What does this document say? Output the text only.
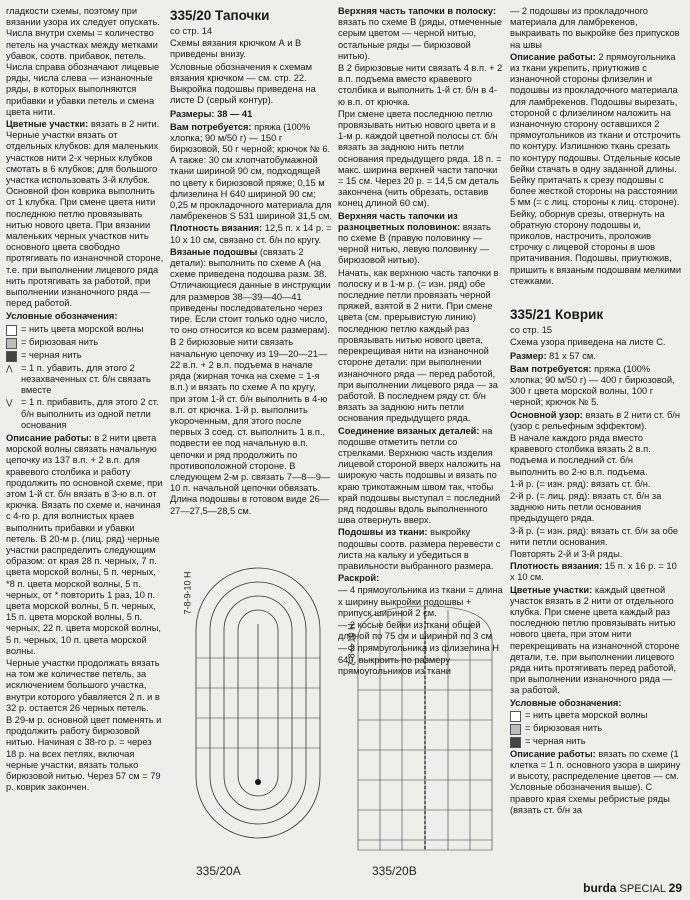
гладкости схемы, поэтому при вязании узора их следует опускать. Числа внутри схемы = количество петель на участках между метками убавок, соотв. прибавок, петель. Числа справа обозначают лицевые ряды, числа слева — изнаночные ряды, в которых выполняются прибавки и убавки петель и смена цвета нити.

Цветные участки: вязать в 2 нити. Черные участки вязать от отдельных клубков: для маленьких участков нити 2-х черных клубков смотать в 6 клубков; для большого участка использовать 3-й клубок. Основной фон коврика выполнить от 1 клубка. При смене цвета нити последнюю петлю провязывать нитью нового цвета. При вязании маленьких черных участков нить основного цвета свободно протягивать по изнаночной стороне, т.е. при выполнении лицевого ряда нить протягивать за работой, при выполнении изнаночного ряда — перед работой.

Условные обозначения:

= нить цвета морской волны
= бирюзовая нить
= черная нить
⋀ = 1 п. убавить, для этого 2 незахваченных ст. б/н связать вместе
⋁ = 1 п. прибавить, для этого 2 ст. б/н выполнить из одной петли основания

Описание работы: в 2 нити цвета морской волны связать начальную цепочку из 137 в.п. + 2 в.п. для кравевого столбика и работу продолжить по основной схеме, при этом 1-й ст. б/н вязать в 3-ю в.п. от крючка. Вязать по схеме и, начиная с 4-го р. для волнистых краев выполнить прибавки и убавки петель. В 20-м р. (лиц. ряд) черные участки распределить следующим образом: от края 28 п. черных, 7 п. цвета морской волны, 5 п. черных, *8 п. цвета морской волны, 5 п. черных, от * повторить 1 раз, 10 п. цвета морской волны, 5 п. черных, 15 п. цвета морской волны, 5 п. черных, 22 п. цвета морской волны, 5 п. черных, 10 п. цвета морской волны.

Черные участки продолжать вязать на том же количестве петель, за исключением большого участка, внутри которого убавляется 2 п. и в 32 р. остается 26 черных петель.

В 29-м р. основной цвет поменять и продолжить работу бирюзовой нитью. Начиная с 38-го р. = через 18 р. на всех петлях, включая черные участки, вязать только бирюзовой нитью. Через 57 см = 79 р. коврик закончен.

335/20 Тапочки

со стр. 14

Схемы вязания крючком А и В приведены внизу.

Условные обозначения к схемам вязания крючком — см. стр. 22. Выкройка подошвы приведена на листе D (серый контур).

Размеры: 38 — 41

Вам потребуется: пряжа (100% хлопка; 90 м/50 г) — 150 г бирюзовой, 50 г черной; крючок № 6. А также: 30 см хлопчатобумажной ткани шириной 90 см, подходящей по цвету к бирюзовой пряже; 0,15 м флизелина Н 640 шириной 90 см; 0,25 м прокладочного материала для ламбрекенов S 531 шириной 31,5 см.

Плотность вязания: 12,5 п. х 14 р. = 10 х 10 см, связано ст. б/н по кругу.

Вязаные подошвы (связать 2 детали): выполнить по схеме А (на схеме приведена подошва разм. 38. Отличающиеся данные в инструкции для размеров 38—39—40—41 приведены последовательно через тире. Если стоит только одно число, то оно относится ко всем размерам).

В 2 бирюзовые нити связать начальную цепочку из 19—20—21—22 в.п. + 2 в.п. подъема в начале ряда (жирная точка на схеме = 1-я в.п.) и вязать по схеме А по кругу, при этом 1-й ст. б/н выполнить в 4-ю в.п. от крючка. 1-й р. выполнить укороченным, для этого после первых 3 соед. ст. выполнить 1 в.п., подвести ее под начальную в.п. цепочки и ряд продолжить по противоположной стороне. В следующем 2-м р. связать 7—8—9—10 п. начальной цепочки обвязать. Длина подошвы в готовом виде 26—27—27,5—28,5 см.

Верхняя часть тапочки в полоску: вязать по схеме В (ряды, отмеченные серым цветом — черной нитью, остальные ряды — бирюзовой нитью).

В 2 бирюзовые нити связать 4 в.п. + 2 в.п. подъема вместо кравевого столбика и выполнить 1-й ст. б/н в 4-ю в.п. от крючка.

При смене цвета последнюю петлю провязывать нитью нового цвета и в 1-м р. каждой цветной полосы ст. б/н вязать за заднюю нить петли основания предыдущего ряда. 18 п. = макс. ширина верхней части тапочки = 15 см. Через 20 р. = 14,5 см деталь закончена (нить обрезать, оставив конец длиной 60 см).

Верхняя часть тапочки из разноцветных половинок: вязать по схеме В (правую половинку — черной нитью, левую половинку — бирюзовой нитью).

Начать, как верхнюю часть тапочки в полоску и в 1-м р. (= изн. ряд) обе последние петли провязать черной пряжей, взятой в 2 нити. При смене цвета (см. прерывистую линию) последнюю петлю каждый раз провязывать нитью нового цвета, перекрещивая нити на изнаночной стороне детали: при выполнении изнаночного ряда — перед работой, при выполнении лицевого ряда — за работой. В последнем ряду ст. б/н вязать за заднюю нить петли основания предыдущего ряда.

Соединение вязаных деталей: на подошве отметить петли со стрелками. Верхнюю часть изделия лицевой стороной вверх наложить на широкую часть подошвы и вязать по краю трикотажным швом так, чтобы край подошвы выступал = последний ряд подошвы вдоль выполненного шва отвернуть вверх.

Подошвы из ткани: выкройку подошвы соотв. размера перевести с листа на кальку и убедиться в правильности выбранного размера.

Раскрой:

— 4 прямоугольника из ткани = длина х ширину выкройки подошвы + припуск шириной 2 см.

— 2 косые бейки из ткани общей длиной по 75 см и шириной по 3 см

— 2 прямоугольника из флизелина Н 640, выкроить по размеру прямоугольников из ткани

— 2 подошвы из прокладочного материала для ламбрекенов, выкраивать по выкройке без припусков на швы

Описание работы: 2 прямоугольника из ткани укрепить, приутюжив с изнаночной стороны флизелин и подошвы из прокладочного материала для ламбрекенов. Подошвы вырезать, стороной с флизелином наложить на изнаночную сторону оставшихся 2 прямоугольников из ткани и отстрочить по контуру. Излишнюю ткань срезать по контуру подошвы. Отдельные косые бейки стачать в одну заданной длины. Бейку притачать к срезу подошвы с более жесткой стороны на расстоянии 5 мм (= с лиц. стороны к лиц. стороне). Бейку, оборнув срезы, отвернуть на обратную сторону подошвы и, приколов, настрочить, проложив строчку с лицевой стороны в шов притачивания. Подошвы, приутюжив, пришить к вязаным подошвам мелкими стежками.

335/21 Коврик

со стр. 15

Схема узора приведена на листе С.

Размер: 81 х 57 см.

Вам потребуется: пряжа (100% хлопка; 90 м/50 г) — 400 г бирюзовой, 300 г цвета морской волны, 100 г черной; крючок № 5.

Основной узор: вязать в 2 нити ст. б/н (узор с рельефным эффектом).

В начале каждого ряда вместо кравевого столбика вязать 2 в.п. подъема и последний ст. б/н выполнить во 2-ю в.п. подъема.

1-й р. (= изн. ряд): вязать ст. б/н.

2-й р. (= лиц. ряд): вязать ст. б/н за заднюю нить петли основания предыдущего ряда.

3-й р. (= изн. ряд): вязать ст. б/н за обе нити петли основания.

Повторять 2-й и 3-й ряды.

Плотность вязания: 15 п. х 16 р. = 10 х 10 см.

Цветные участки: каждый цветной участок вязать в 2 нити от отдельного клубка. При смене цвета каждый раз последнюю петлю провязывать нитью нового цвета, при этом нити перекрещивать на изнаночной стороне детали, т.е. при выполнении лицевого ряда нить протягивать перед работой, при выполнении изнаночного ряда — за работой.

Условные обозначения:

= нить цвета морской волны
= бирюзовая нить
= черная нить

Описание работы: вязать по схеме (1 клетка = 1 п. основного узора в ширину и высоту, распределение цветов — см. Условные обозначения выше). С правого края схемы ребристые ряды (вязать ст. б/н за

7-8-9-10 Н
335/20A
7-8-9-10 Н
335/20B
burda SPECIAL 29
